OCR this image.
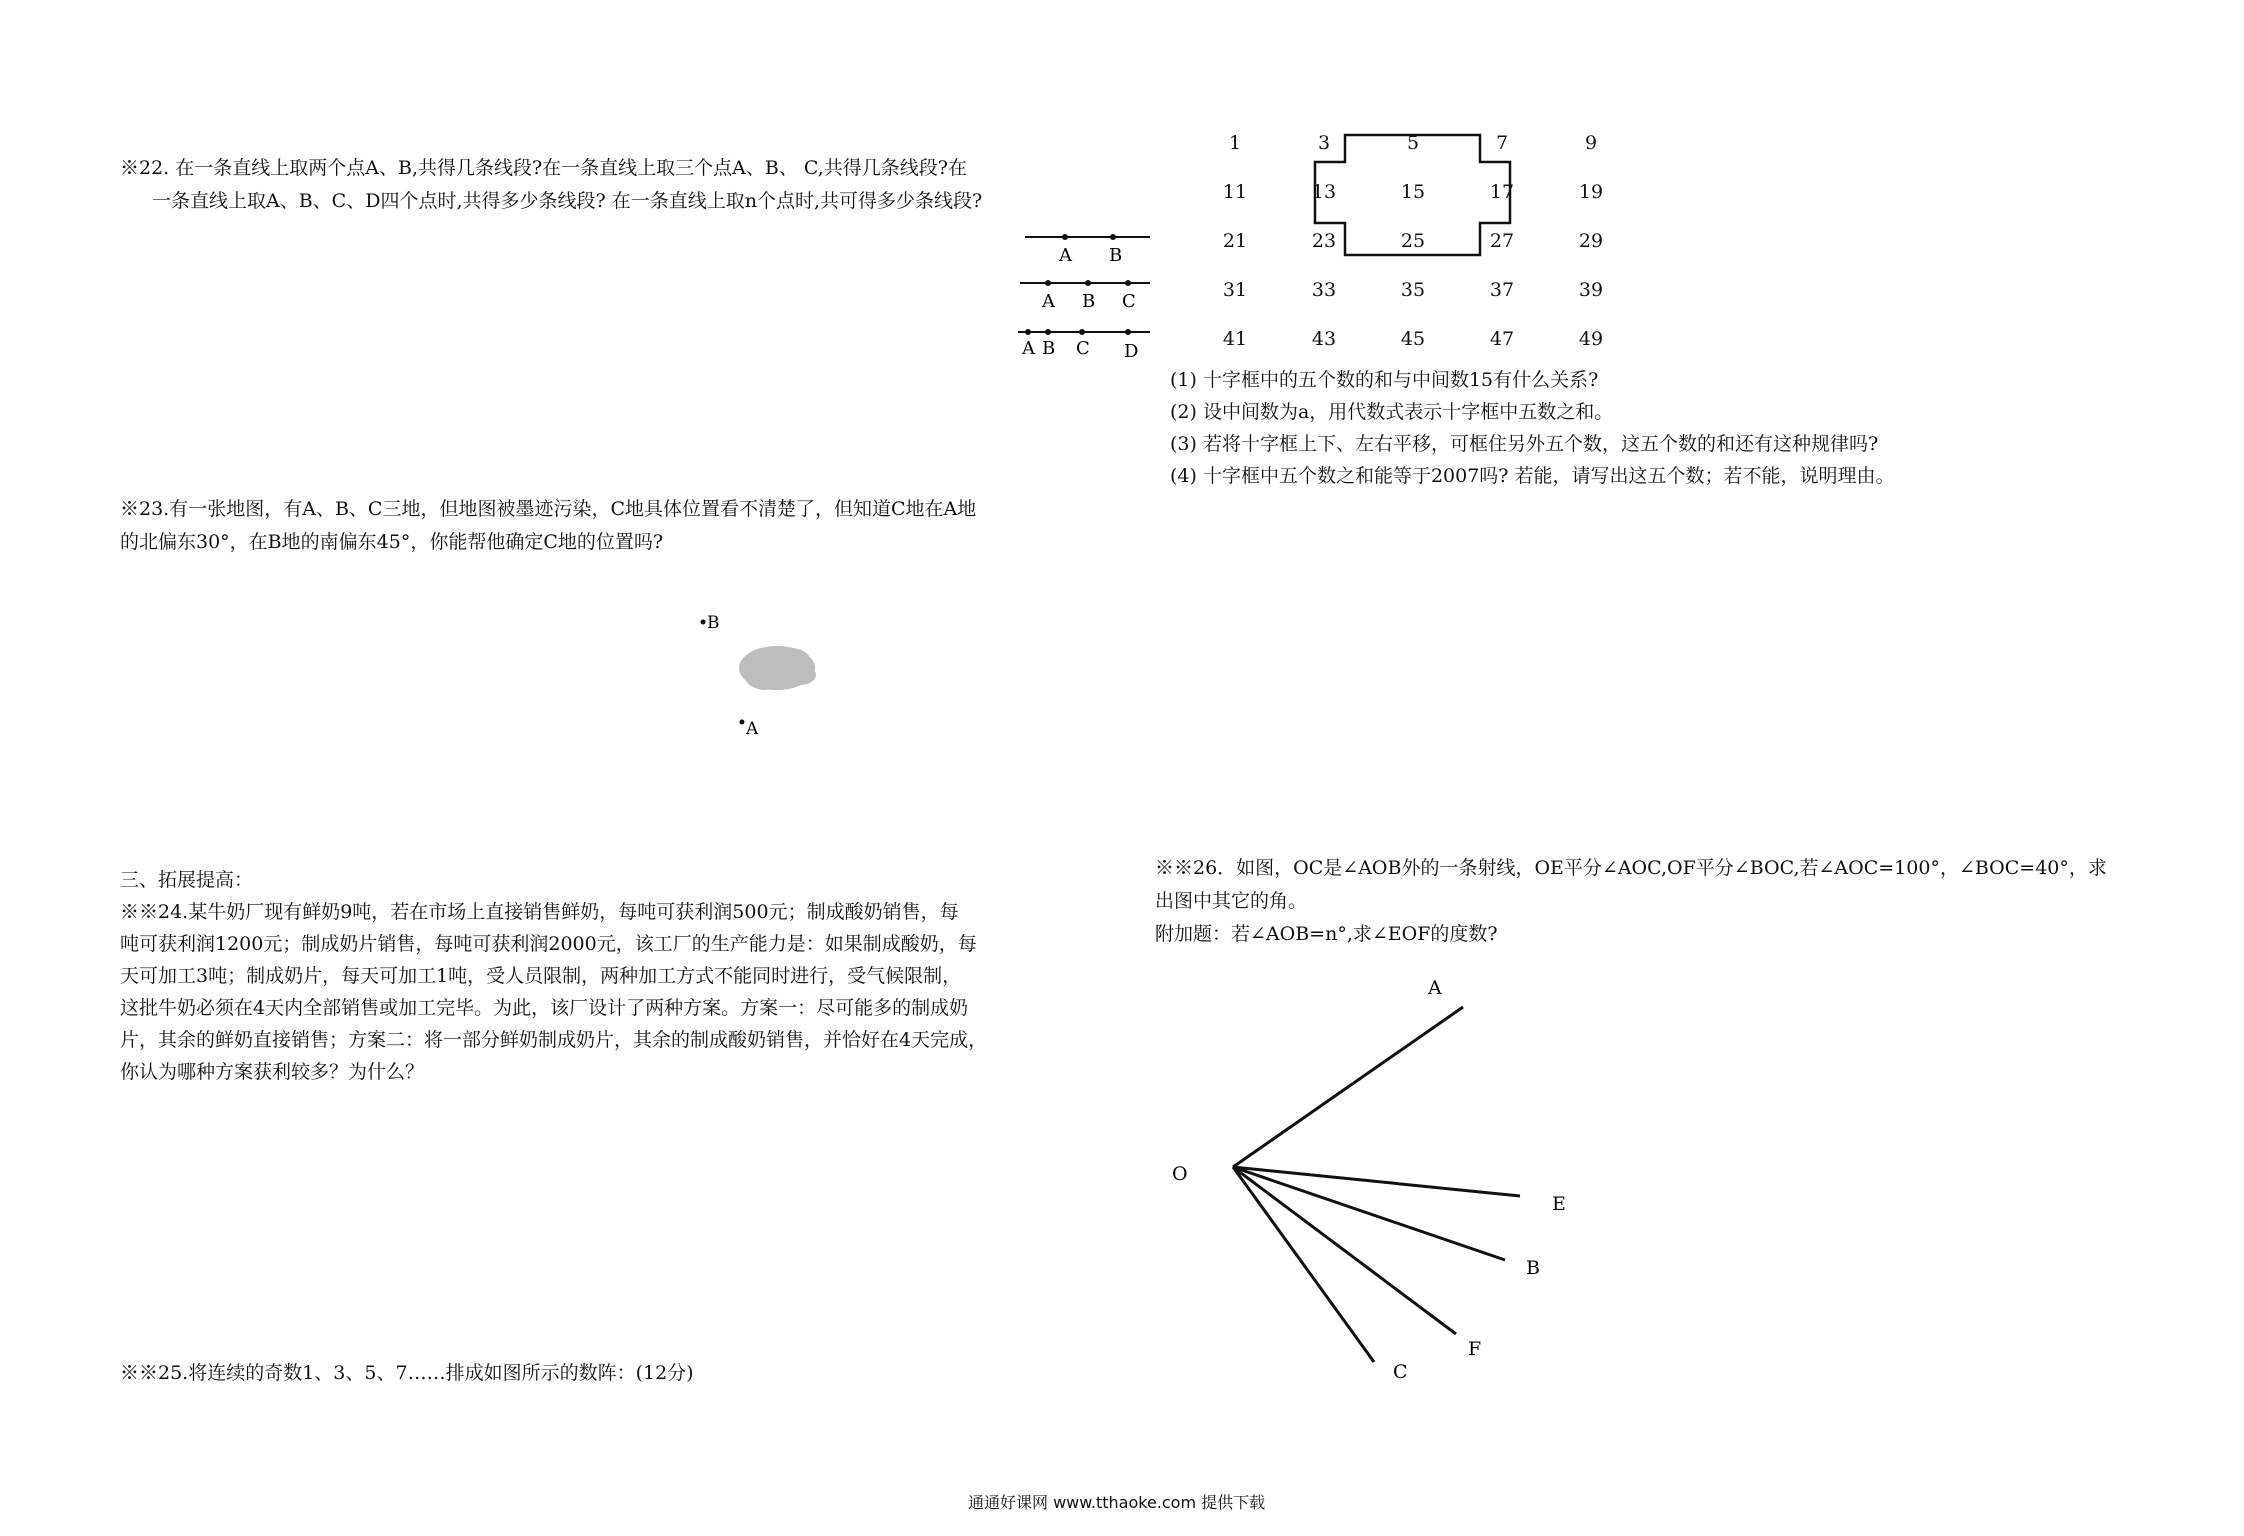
※22. 在一条直线上取两个点A、B,共得几条线段?在一条直线上取三个点A、B、 C,共得几条线段?在
一条直线上取A、B、C、D四个点时,共得多少条线段? 在一条直线上取n个点时,共可得多少条线段?
A B
A B C
A B C D
※23.有一张地图，有A、B、C三地，但地图被墨迹污染，C地具体位置看不清楚了，但知道C地在A地
的北偏东30°，在B地的南偏东45°，你能帮他确定C地的位置吗?
B
A
三、拓展提高：
※※24.某牛奶厂现有鲜奶9吨，若在市场上直接销售鲜奶，每吨可获利润500元；制成酸奶销售，每
吨可获利润1200元；制成奶片销售，每吨可获利润2000元，该工厂的生产能力是：如果制成酸奶，每
天可加工3吨；制成奶片，每天可加工1吨，受人员限制，两种加工方式不能同时进行，受气候限制，
这批牛奶必须在4天内全部销售或加工完毕。为此，该厂设计了两种方案。方案一：尽可能多的制成奶
片，其余的鲜奶直接销售；方案二：将一部分鲜奶制成奶片，其余的制成酸奶销售，并恰好在4天完成，
你认为哪种方案获利较多？为什么？
※※25.将连续的奇数1、3、5、7……排成如图所示的数阵：(12分)
1	3	5	7	9
11	13	15	17	19
21	23	25	27	29
31	33	35	37	39
41	43	45	47	49
(1) 十字框中的五个数的和与中间数15有什么关系?
(2) 设中间数为a，用代数式表示十字框中五数之和。
(3) 若将十字框上下、左右平移，可框住另外五个数，这五个数的和还有这种规律吗?
(4) 十字框中五个数之和能等于2007吗? 若能，请写出这五个数；若不能，说明理由。
※※26．如图，OC是∠AOB外的一条射线，OE平分∠AOC,OF平分∠BOC,若∠AOC=100°，∠BOC=40°，求
出图中其它的角。
附加题：若∠AOB=n°,求∠EOF的度数?
O
A
E
B
F
C
通通好课网 www.tthaoke.com 提供下载
